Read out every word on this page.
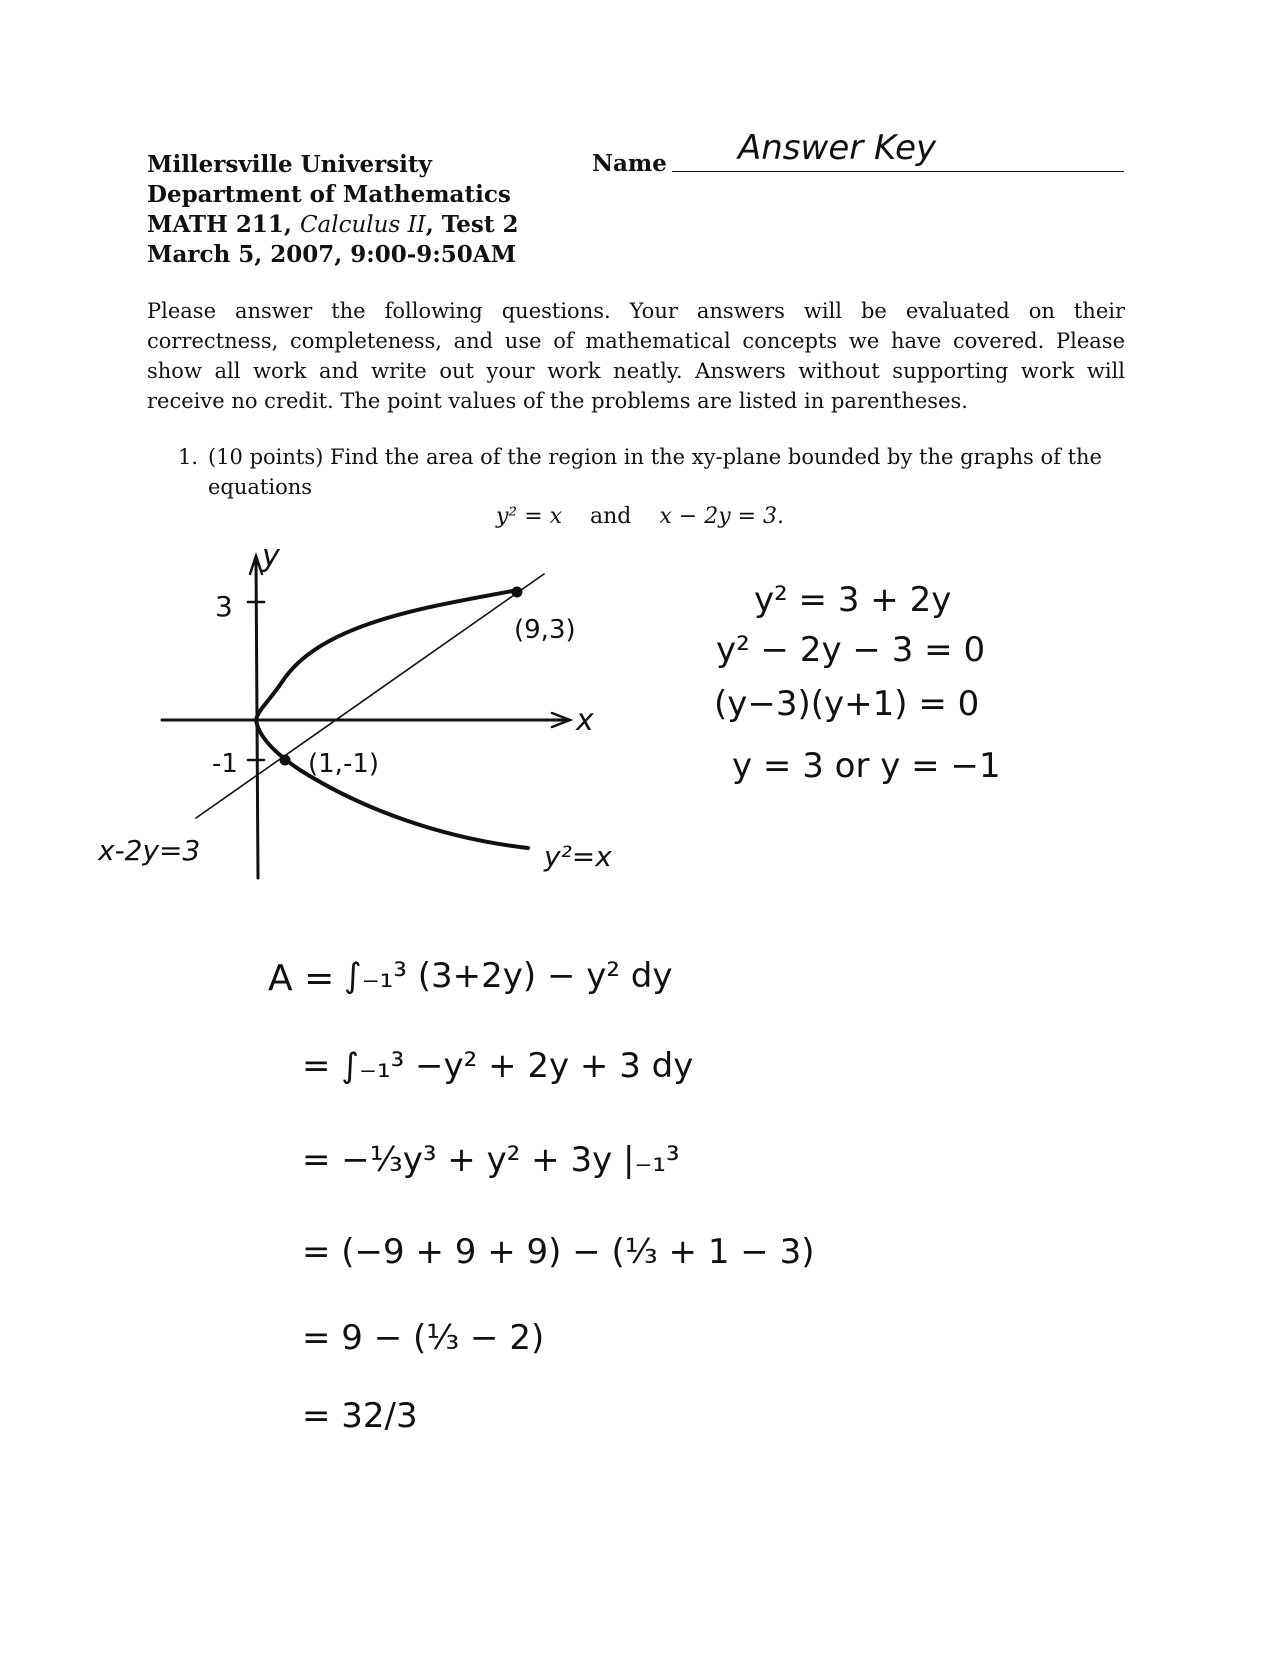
Millersville University
Department of Mathematics
MATH 211, Calculus II, Test 2
March 5, 2007, 9:00-9:50AM
Name Answer Key
Please answer the following questions. Your answers will be evaluated on their correctness, completeness, and use of mathematical concepts we have covered. Please show all work and write out your work neatly. Answers without supporting work will receive no credit. The point values of the problems are listed in parentheses.
1. (10 points) Find the area of the region in the xy-plane bounded by the graphs of the equations
y² = x and x − 2y = 3.
y
x
3
-1
(9,3)
(1,-1)
x-2y=3	y²=x
y² = 3 + 2y
y² − 2y − 3 = 0
(y−3)(y+1) = 0
y = 3 or y = −1
A = ∫₋₁³ (3+2y) − y² dy
= ∫₋₁³ −y² + 2y + 3 dy
= −⅓y³ + y² + 3y |₋₁³
= (−9 + 9 + 9) − (⅓ + 1 − 3)
= 9 − (⅓ − 2)
= 32/3
